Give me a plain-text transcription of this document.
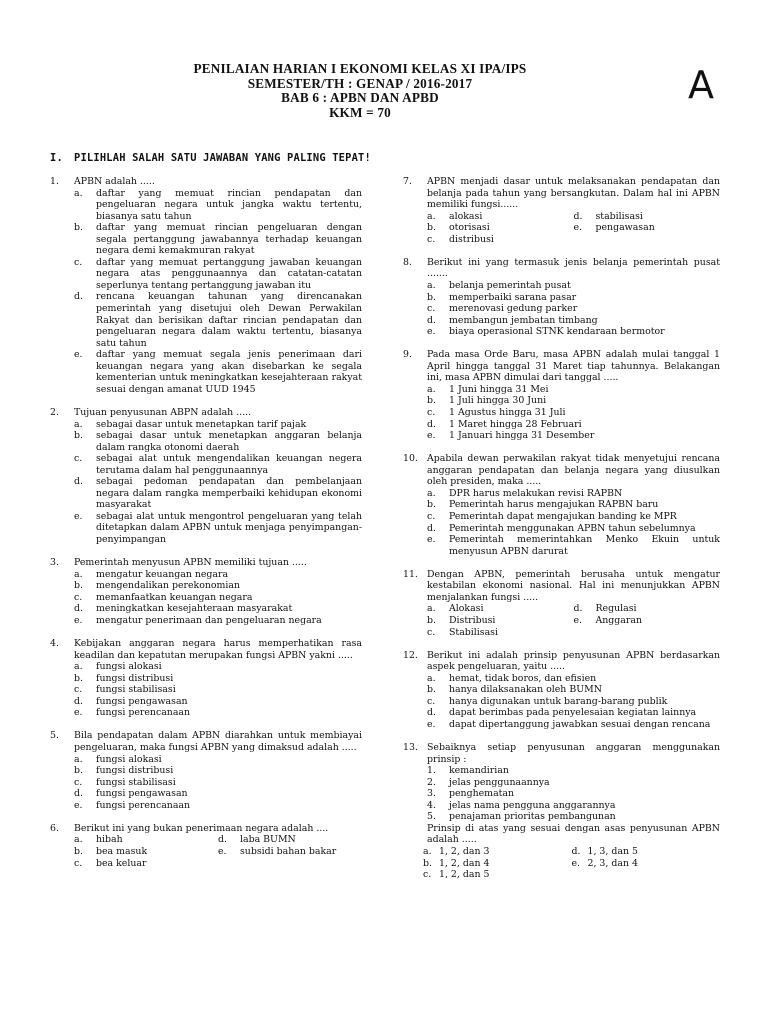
PENILAIAN HARIAN I EKONOMI KELAS XI IPA/IPS
SEMESTER/TH : GENAP / 2016-2017
BAB 6 : APBN DAN APBD
KKM = 70
A
I. PILIHLAH SALAH SATU JAWABAN YANG PALING TEPAT!
1.	APBN adalah .....
a. daftar yang memuat rincian pendapatan dan pengeluaran negara untuk jangka waktu tertentu, biasanya satu tahun
b. daftar yang memuat rincian pengeluaran dengan segala pertanggung jawabannya terhadap keuangan negara demi kemakmuran rakyat
c. daftar yang memuat pertanggung jawaban keuangan negara atas penggunaannya dan catatan-catatan seperlunya tentang pertanggung jawaban itu
d. rencana keuangan tahunan yang direncanakan pemerintah yang disetujui oleh Dewan Perwakilan Rakyat dan berisikan daftar rincian pendapatan dan pengeluaran negara dalam waktu tertentu, biasanya satu tahun
e. daftar yang memuat segala jenis penerimaan dari keuangan negara yang akan disebarkan ke segala kementerian untuk meningkatkan kesejahteraan rakyat sesuai dengan amanat UUD 1945
2.	Tujuan penyusunan ABPN adalah .....
a. sebagai dasar untuk menetapkan tarif pajak
b. sebagai dasar untuk menetapkan anggaran belanja dalam rangka otonomi daerah
c. sebagai alat untuk mengendalikan keuangan negera terutama dalam hal penggunaannya
d. sebagai pedoman pendapatan dan pembelanjaan negara dalam rangka memperbaiki kehidupan ekonomi masyarakat
e. sebagai alat untuk mengontrol pengeluaran yang telah ditetapkan dalam APBN untuk menjaga penyimpangan-penyimpangan
3.	Pemerintah menyusun APBN memiliki tujuan .....
a. mengatur keuangan negara
b. mengendalikan perekonomian
c. memanfaatkan keuangan negara
d. meningkatkan kesejahteraan masyarakat
e. mengatur penerimaan dan pengeluaran negara
4.	Kebijakan anggaran negara harus memperhatikan rasa keadilan dan kepatutan merupakan fungsi APBN yakni .....
a. fungsi alokasi
b. fungsi distribusi
c. fungsi stabilisasi
d. fungsi pengawasan
e. fungsi perencanaan
5.	Bila pendapatan dalam APBN diarahkan untuk membiayai pengeluaran, maka fungsi APBN yang dimaksud adalah .....
a. fungsi alokasi
b. fungsi distribusi
c. fungsi stabilisasi
d. fungsi pengawasan
e. fungsi perencanaan
6.	Berikut ini yang bukan penerimaan negara adalah ....
a. hibah	d. laba BUMN
b. bea masuk	e. subsidi bahan bakar
c. bea keluar
7.	APBN menjadi dasar untuk melaksanakan pendapatan dan belanja pada tahun yang bersangkutan. Dalam hal ini APBN memiliki fungsi......
a. alokasi	d. stabilisasi
b. otorisasi	e. pengawasan
c. distribusi
8.	Berikut ini yang termasuk jenis belanja pemerintah pusat .......
a. belanja pemerintah pusat
b. memperbaiki sarana pasar
c. merenovasi gedung parker
d. membangun jembatan timbang
e. biaya operasional STNK kendaraan bermotor
9.	Pada masa Orde Baru, masa APBN adalah mulai tanggal 1 April hingga tanggal 31 Maret tiap tahunnya. Belakangan ini, masa APBN dimulai dari tanggal .....
a. 1 Juni hingga 31 Mei
b. 1 Juli hingga 30 Juni
c. 1 Agustus hingga 31 Juli
d. 1 Maret hingga 28 Februari
e. 1 Januari hingga 31 Desember
10. Apabila dewan perwakilan rakyat tidak menyetujui rencana anggaran pendapatan dan belanja negara yang diusulkan oleh presiden, maka .....
a. DPR harus melakukan revisi RAPBN
b. Pemerintah harus mengajukan RAPBN baru
c. Pemerintah dapat mengajukan banding ke MPR
d. Pemerintah menggunakan APBN tahun sebelumnya
e. Pemerintah memerintahkan Menko Ekuin untuk menyusun APBN darurat
11. Dengan APBN, pemerintah berusaha untuk mengatur kestabilan ekonomi nasional. Hal ini menunjukkan APBN menjalankan fungsi .....
a. Alokasi	d. Regulasi
b. Distribusi	e. Anggaran
c. Stabilisasi
12. Berikut ini adalah prinsip penyusunan APBN berdasarkan aspek pengeluaran, yaitu .....
a. hemat, tidak boros, dan efisien
b. hanya dilaksanakan oleh BUMN
c. hanya digunakan untuk barang-barang publik
d. dapat berimbas pada penyelesaian kegiatan lainnya
e. dapat dipertanggung jawabkan sesuai dengan rencana
13. Sebaiknya setiap penyusunan anggaran menggunakan prinsip :
1. kemandirian
2. jelas penggunaannya
3. penghematan
4. jelas nama pengguna anggarannya
5. penajaman prioritas pembangunan
Prinsip di atas yang sesuai dengan asas penyusunan APBN adalah .....
a. 1, 2, dan 3	d. 1, 3, dan 5
b. 1, 2, dan 4	e. 2, 3, dan 4
c. 1, 2, dan 5
